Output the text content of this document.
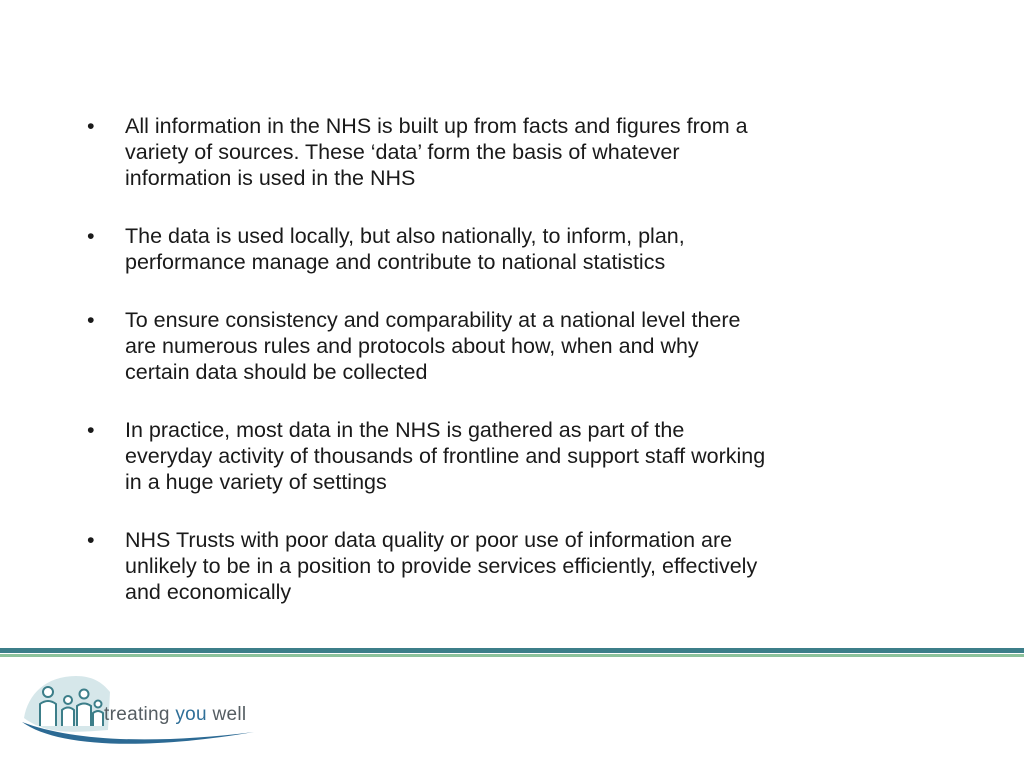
• All information in the NHS is built up from facts and figures from a
variety of sources. These ‘data’ form the basis of whatever
information is used in the NHS
• The data is used locally, but also nationally, to inform, plan,
performance manage and contribute to national statistics
• To ensure consistency and comparability at a national level there
are numerous rules and protocols about how, when and why
certain data should be collected
• In practice, most data in the NHS is gathered as part of the
everyday activity of thousands of frontline and support staff working
in a huge variety of settings
• NHS Trusts with poor data quality or poor use of information are
unlikely to be in a position to provide services efficiently, effectively
and economically
treating you well
